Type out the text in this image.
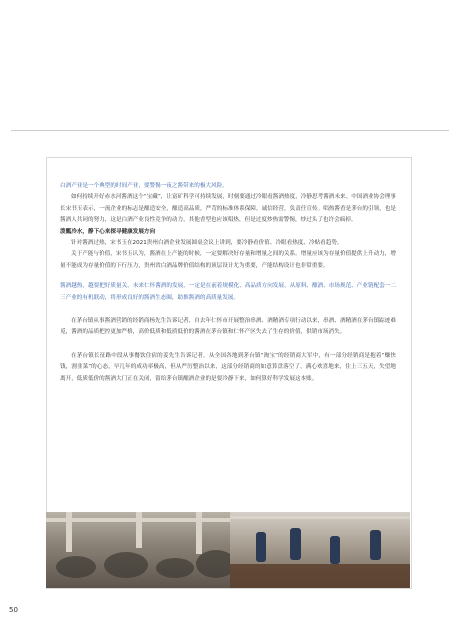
白酒产业是一个典型的时间产业，要警惕一夜之酱带来的极大风险。

如何持续开好赤水河酱酒这个“宝藏”，让富矿科学可持续发展，时刻要通过冷眼看酱酒热度，冷静思考酱酒未来。中国酒业协会理事长宋书玉表示，一流企业的标志是酿造安全，酿造高品质，严苛的标准体系保障，诚信经营，负责任宣传。唱热酱香是茅台的引领，也是酱酒人共同的努力，这是白酒产业良性竞争的动力，其他香型也应该唱热，但是过度炒热需警惕，炒过头了也许会疯掉。

泼瓢冷水，静下心来探寻健康发展方向

针对酱酒过热，宋书玉在2021贵州白酒企业发展圆桌会议上讲到，要冷静看价值、冷眼看热度、冷贴看趋势。

关于产能与价值，宋书玉认为，酱酒在上产能的时候，一定要解决好存量和增量之间的关系。增量应该为存量价值提供上升动力，增量不能成为存量价值的下行压力，贵州省白酒品牌价值结构的顶层设计尤为重要，产能结构设计也非常重要。

酱酒越热，越要把好质量关、未来仁怀酱酒的发展，一定是在前着规模化、高品质方向发展、从原料、酿酒、市场规范、产业链配套一二三产业的有机联动，将形成良好的酱酒生态圈，助推酱酒的高质量发展。

在茅台镇从事酱酒营销的经销商杨先生告诉记者，自去年仁怀市开展整治串酒、酒精酒专项行动以来，串酒、酒精酒在茅台镇踪迹难觅，酱酒的品质把控更加严格，高价低质和低质低价的酱酒在茅台镇和仁怀产区失去了生存的价值，供销市场消失。

在茅台镇长征路中段从事餐饮住宿的姜先生告诉记者，从全国各地到茅台镇“淘宝”的经销商大军中，有一部分经销商是抱着“赚快钱，割韭菜”的心态，早几年的成功率极高，但从严厉整治以来，这部分经销商的如意算盘落空了，满心欢喜地来，住上三五天，失望地离开，低质低价的酱酒大门正在关闭，留给茅台镇酿酒企业的是要冷静下来，如何算好科学发展这本账。

50
